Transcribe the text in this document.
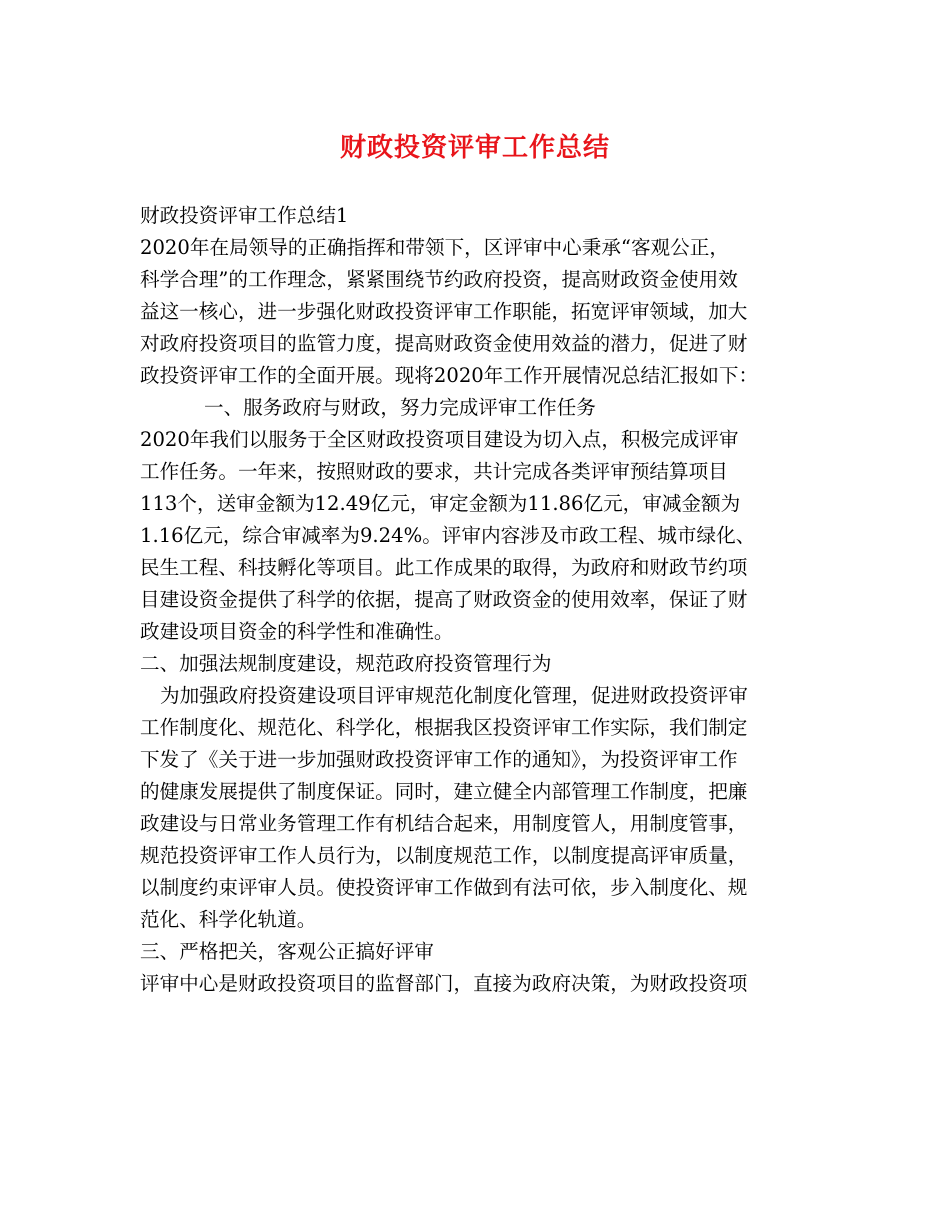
财政投资评审工作总结
财政投资评审工作总结1
2020年在局领导的正确指挥和带领下，区评审中心秉承“客观公正，
科学合理”的工作理念，紧紧围绕节约政府投资，提高财政资金使用效
益这一核心，进一步强化财政投资评审工作职能，拓宽评审领域，加大
对政府投资项目的监管力度，提高财政资金使用效益的潜力，促进了财
政投资评审工作的全面开展。现将2020年工作开展情况总结汇报如下：
一、服务政府与财政，努力完成评审工作任务
2020年我们以服务于全区财政投资项目建设为切入点，积极完成评审
工作任务。一年来，按照财政的要求，共计完成各类评审预结算项目
113个，送审金额为12.49亿元，审定金额为11.86亿元，审减金额为
1.16亿元，综合审减率为9.24%。评审内容涉及市政工程、城市绿化、
民生工程、科技孵化等项目。此工作成果的取得，为政府和财政节约项
目建设资金提供了科学的依据，提高了财政资金的使用效率，保证了财
政建设项目资金的科学性和准确性。
二、加强法规制度建设，规范政府投资管理行为
为加强政府投资建设项目评审规范化制度化管理，促进财政投资评审
工作制度化、规范化、科学化，根据我区投资评审工作实际，我们制定
下发了《关于进一步加强财政投资评审工作的通知》，为投资评审工作
的健康发展提供了制度保证。同时，建立健全内部管理工作制度，把廉
政建设与日常业务管理工作有机结合起来，用制度管人，用制度管事，
规范投资评审工作人员行为，以制度规范工作，以制度提高评审质量，
以制度约束评审人员。使投资评审工作做到有法可依，步入制度化、规
范化、科学化轨道。
三、严格把关，客观公正搞好评审
评审中心是财政投资项目的监督部门，直接为政府决策，为财政投资项
